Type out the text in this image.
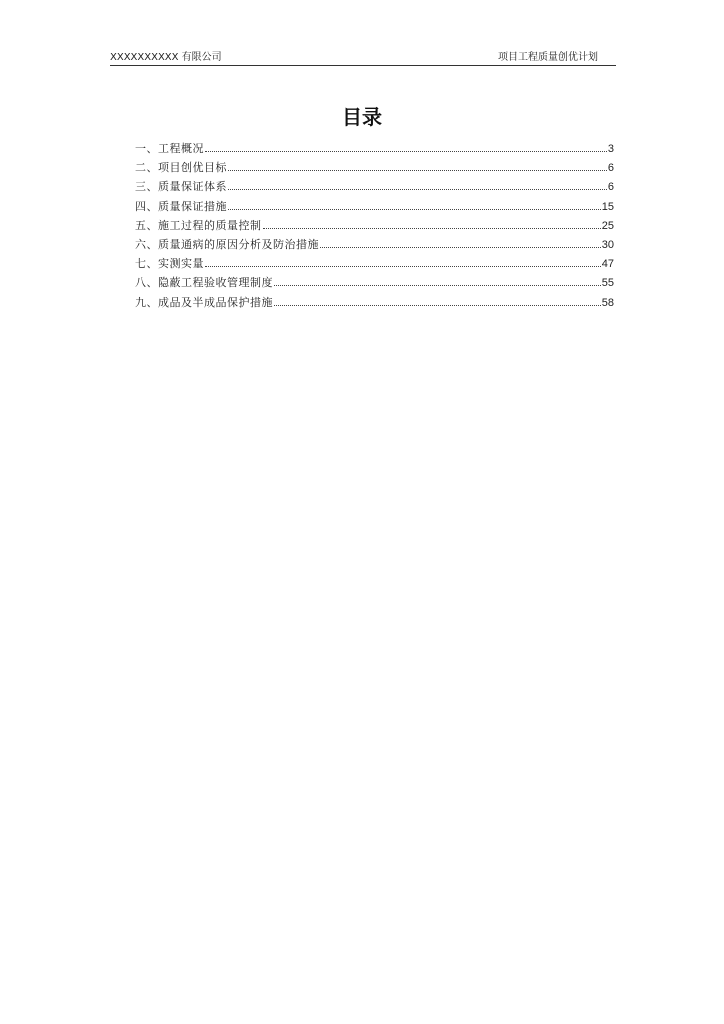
XXXXXXXXXX 有限公司	项目工程质量创优计划
目录
一、工程概况	3
二、项目创优目标	6
三、质量保证体系	6
四、质量保证措施	15
五、施工过程的质量控制	25
六、质量通病的原因分析及防治措施	30
七、实测实量	47
八、隐蔽工程验收管理制度	55
九、成品及半成品保护措施	58
